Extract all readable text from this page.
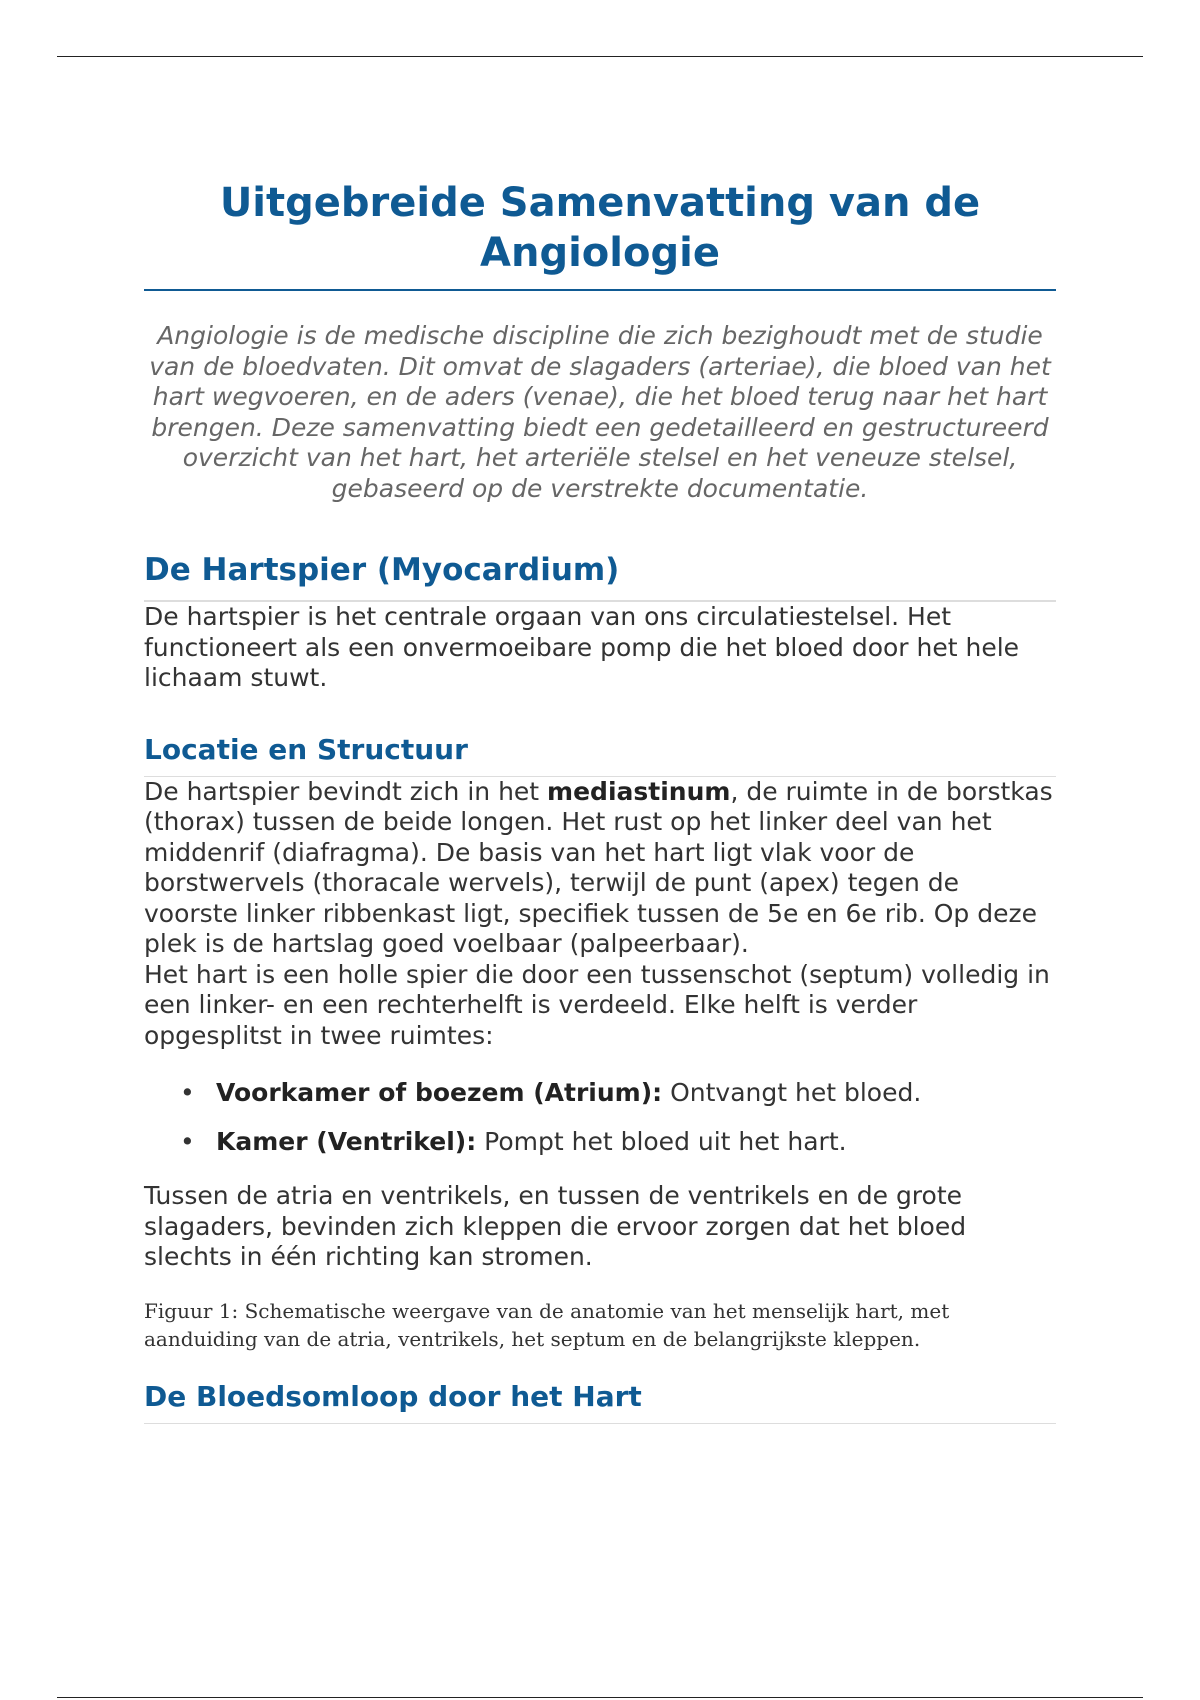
Uitgebreide Samenvatting van de Angiologie

Angiologie is de medische discipline die zich bezighoudt met de studie van de bloedvaten. Dit omvat de slagaders (arteriae), die bloed van het hart wegvoeren, en de aders (venae), die het bloed terug naar het hart brengen. Deze samenvatting biedt een gedetailleerd en gestructureerd overzicht van het hart, het arteriële stelsel en het veneuze stelsel, gebaseerd op de verstrekte documentatie.

De Hartspier (Myocardium)

De hartspier is het centrale orgaan van ons circulatiestelsel. Het functioneert als een onvermoeibare pomp die het bloed door het hele lichaam stuwt.

Locatie en Structuur

De hartspier bevindt zich in het mediastinum, de ruimte in de borstkas (thorax) tussen de beide longen. Het rust op het linker deel van het middenrif (diafragma). De basis van het hart ligt vlak voor de borstwervels (thoracale wervels), terwijl de punt (apex) tegen de voorste linker ribbenkast ligt, specifiek tussen de 5e en 6e rib. Op deze plek is de hartslag goed voelbaar (palpeerbaar).

Het hart is een holle spier die door een tussenschot (septum) volledig in een linker- en een rechterhelft is verdeeld. Elke helft is verder opgesplitst in twee ruimtes:

• Voorkamer of boezem (Atrium): Ontvangt het bloed.
• Kamer (Ventrikel): Pompt het bloed uit het hart.

Tussen de atria en ventrikels, en tussen de ventrikels en de grote slagaders, bevinden zich kleppen die ervoor zorgen dat het bloed slechts in één richting kan stromen.

Figuur 1: Schematische weergave van de anatomie van het menselijk hart, met aanduiding van de atria, ventrikels, het septum en de belangrijkste kleppen.

De Bloedsomloop door het Hart
